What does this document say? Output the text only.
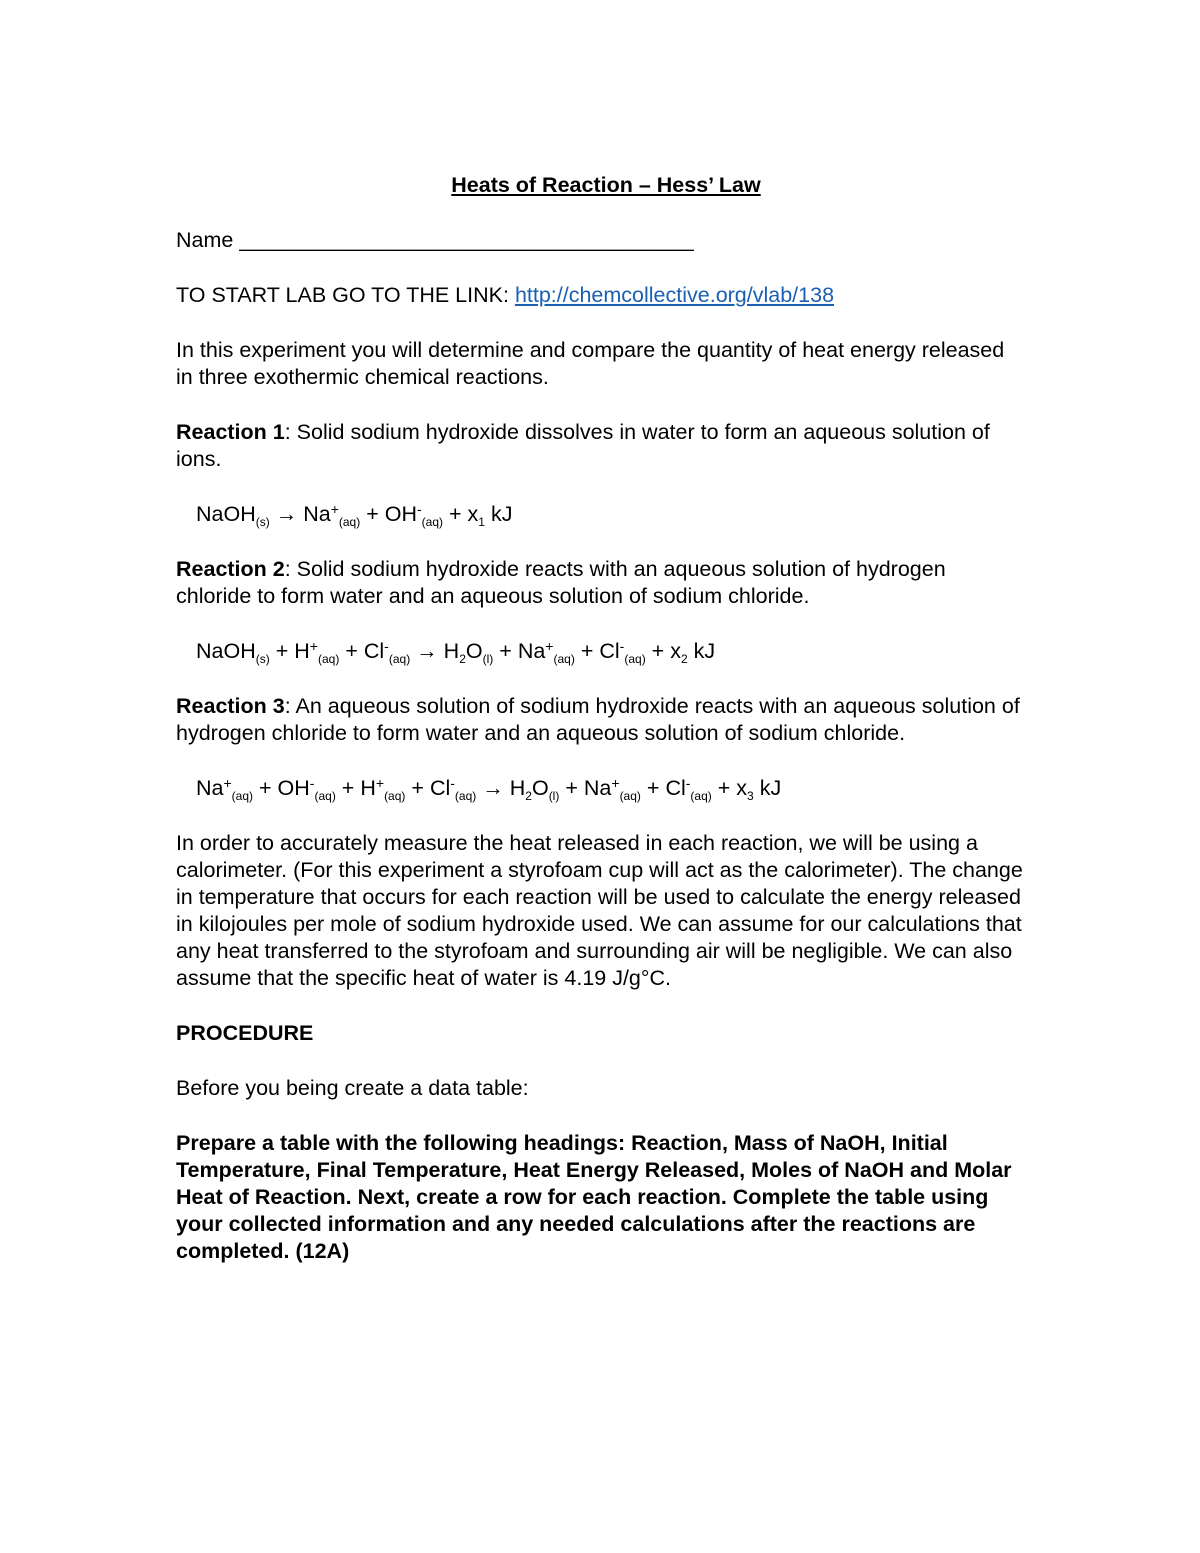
Heats of Reaction – Hess’ Law

Name ______________________________________

TO START LAB GO TO THE LINK: http://chemcollective.org/vlab/138

In this experiment you will determine and compare the quantity of heat energy released in three exothermic chemical reactions.

Reaction 1: Solid sodium hydroxide dissolves in water to form an aqueous solution of ions.

NaOH$_{(s)}$ → $Na^+_{(aq)} + OH^-_{(aq)} + x_1$ kJ

Reaction 2: Solid sodium hydroxide reacts with an aqueous solution of hydrogen chloride to form water and an aqueous solution of sodium chloride.

NaOH$_{(s)}$ + $H^+_{(aq)} + Cl^-_{(aq)} \to H_2O_{(l)} + Na^+_{(aq)} + Cl^-_{(aq)} + x_2$ kJ

Reaction 3: An aqueous solution of sodium hydroxide reacts with an aqueous solution of hydrogen chloride to form water and an aqueous solution of sodium chloride.

$Na^+_{(aq)} + OH^-_{(aq)} + H^+_{(aq)} + Cl^-_{(aq)} \to H_2O_{(l)} + Na^+_{(aq)} + Cl^-_{(aq)} + x_3$ kJ

In order to accurately measure the heat released in each reaction, we will be using a calorimeter. (For this experiment a styrofoam cup will act as the calorimeter). The change in temperature that occurs for each reaction will be used to calculate the energy released in kilojoules per mole of sodium hydroxide used. We can assume for our calculations that any heat transferred to the styrofoam and surrounding air will be negligible. We can also assume that the specific heat of water is 4.19 J/g°C.

PROCEDURE

Before you being create a data table:

Prepare a table with the following headings: Reaction, Mass of NaOH, Initial Temperature, Final Temperature, Heat Energy Released, Moles of NaOH and Molar Heat of Reaction. Next, create a row for each reaction. Complete the table using your collected information and any needed calculations after the reactions are completed. (12A)
